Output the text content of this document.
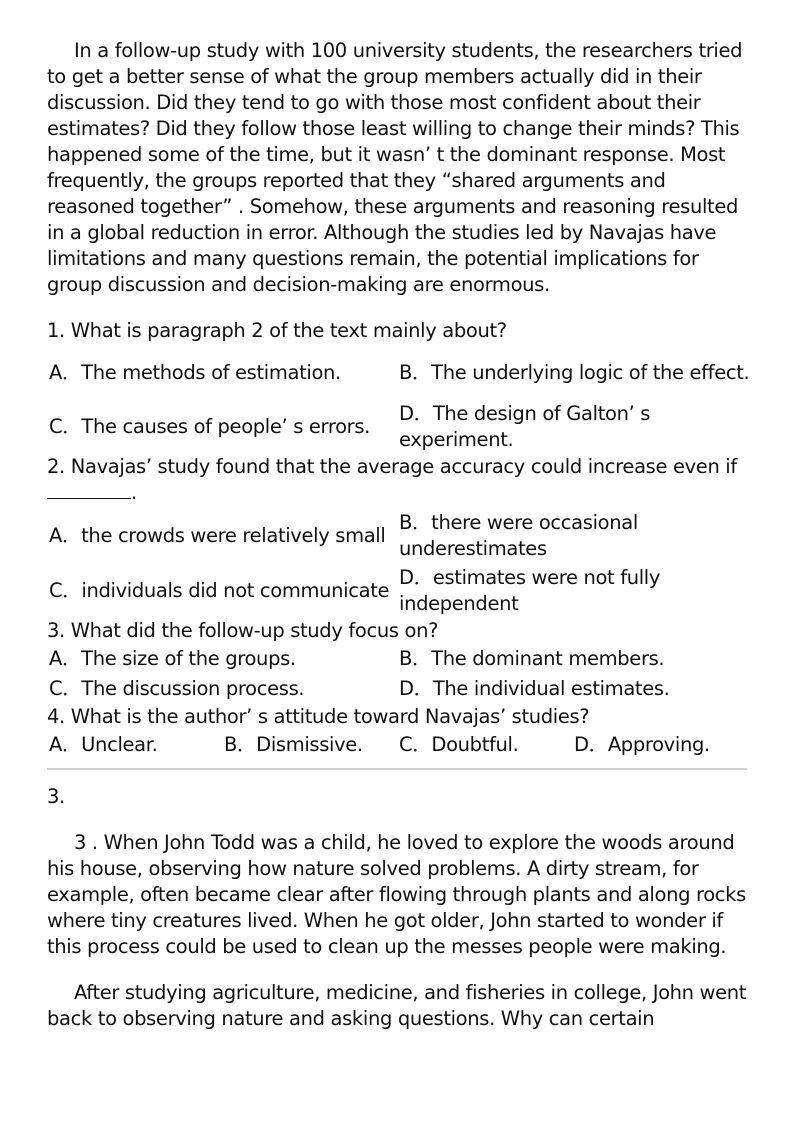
In a follow-up study with 100 university students, the researchers tried to get a better sense of what the group members actually did in their discussion. Did they tend to go with those most confident about their estimates? Did they follow those least willing to change their minds? This happened some of the time, but it wasn’ t the dominant response. Most frequently, the groups reported that they “shared arguments and reasoned together” . Somehow, these arguments and reasoning resulted in a global reduction in error. Although the studies led by Navajas have limitations and many questions remain, the potential implications for group discussion and decision-making are enormous.

1. What is paragraph 2 of the text mainly about?

A．The methods of estimation.	B．The underlying logic of the effect.
C．The causes of people’ s errors.
D．The design of Galton’ s experiment.

2. Navajas’ study found that the average accuracy could increase even if .

A．the crowds were relatively small
B．there were occasional underestimates
C．individuals did not communicate
D．estimates were not fully independent

3. What did the follow-up study focus on?

A．The size of the groups.	B．The dominant members.
C．The discussion process.	D．The individual estimates.

4. What is the author’ s attitude toward Navajas’ studies?

A．Unclear.	B．Dismissive.	C．Doubtful.	D．Approving.

3.

3 . When John Todd was a child, he loved to explore the woods around his house, observing how nature solved problems. A dirty stream, for example, often became clear after flowing through plants and along rocks where tiny creatures lived. When he got older, John started to wonder if this process could be used to clean up the messes people were making.

After studying agriculture, medicine, and fisheries in college, John went back to observing nature and asking questions. Why can certain
